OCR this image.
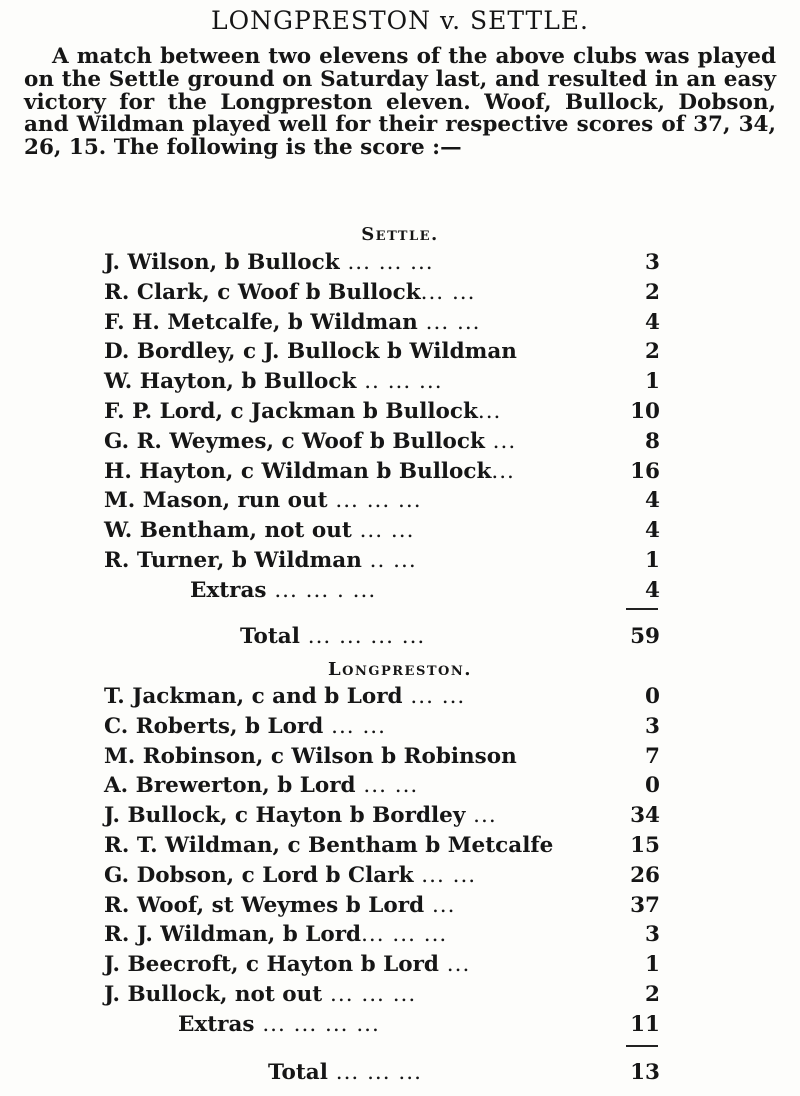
LONGPRESTON v. SETTLE.

A match between two elevens of the above clubs was played on the Settle ground on Saturday last, and resulted in an easy victory for the Longpreston eleven. Woof, Bullock, Dobson, and Wildman played well for their respective scores of 37, 34, 26, 15. The following is the score :—

Settle.
J. Wilson, b Bullock ... ... ...	3
R. Clark, c Woof b Bullock... ...	2
F. H. Metcalfe, b Wildman ... ...	4
D. Bordley, c J. Bullock b Wildman	2
W. Hayton, b Bullock .. ... ...	1
F. P. Lord, c Jackman b Bullock...	10
G. R. Weymes, c Woof b Bullock ...	8
H. Hayton, c Wildman b Bullock...	16
M. Mason, run out ... ... ...	4
W. Bentham, not out ... ...	4
R. Turner, b Wildman .. ...	1
Extras ... ... . ...	4
Total ... ... ... ...	59
Longpreston.
T. Jackman, c and b Lord ... ...	0
C. Roberts, b Lord ... ...	3
M. Robinson, c Wilson b Robinson	7
A. Brewerton, b Lord ... ...	0
J. Bullock, c Hayton b Bordley ...	34
R. T. Wildman, c Bentham b Metcalfe	15
G. Dobson, c Lord b Clark ... ...	26
R. Woof, st Weymes b Lord ...	37
R. J. Wildman, b Lord... ... ...	3
J. Beecroft, c Hayton b Lord ...	1
J. Bullock, not out ... ... ...	2
Extras ... ... ... ...	11
Total ... ... ...	13
